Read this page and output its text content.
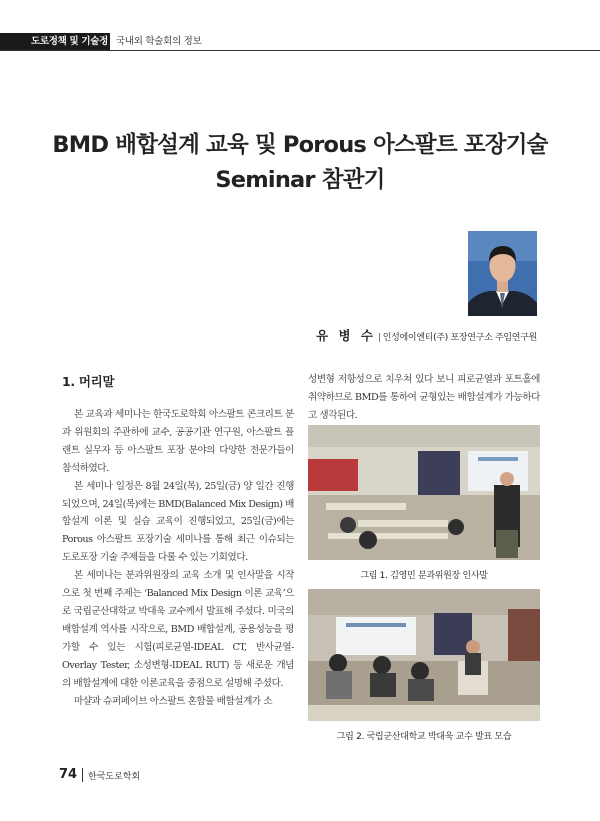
도로정책 및 기술정보
국내외 학술회의 정보
BMD 배합설계 교육 및 Porous 아스팔트 포장기술
Seminar 참관기
유 병 수 | 인성에이엔티(주) 포장연구소 주임연구원
1. 머리말

본 교육과 세미나는 한국도로학회 아스팔트 콘크리트 분과 위원회의 주관하에 교수, 공공기관 연구원, 아스팔트 플랜트 실무자 등 아스팔트 포장 분야의 다양한 전문가들이 참석하였다.

본 세미나 일정은 8월 24일(목), 25일(금) 양 일간 진행되었으며, 24일(목)에는 BMD(Balanced Mix Design) 배합설계 이론 및 실습 교육이 진행되었고, 25일(금)에는 Porous 아스팔트 포장기술 세미나를 통해 최근 이슈되는 도로포장 기술 주제들을 다룰 수 있는 기회였다.

본 세미나는 분과위원장의 교육 소개 및 인사말을 시작으로 첫 번째 주제는 ‘Balanced Mix Design 이론 교육’으로 국립군산대학교 박대욱 교수께서 발표해 주셨다. 미국의 배합설계 역사를 시작으로, BMD 배합설계, 공용성능을 평가할 수 있는 시험(피로균열-IDEAL CT, 반사균열-Overlay Tester, 소성변형-IDEAL RUT) 등 새로운 개념의 배합설계에 대한 이론교육을 중점으로 설명해 주셨다.

마샬과 슈퍼페이브 아스팔트 혼합물 배합설계가 소

성변형 저항성으로 치우쳐 있다 보니 피로균열과 포트홀에 취약하므로 BMD를 통하여 균형있는 배합설계가 가능하다고 생각된다.

그림 1. 김영민 분과위원장 인사말
그림 2. 국립군산대학교 박대욱 교수 발표 모습
74 한국도로학회
